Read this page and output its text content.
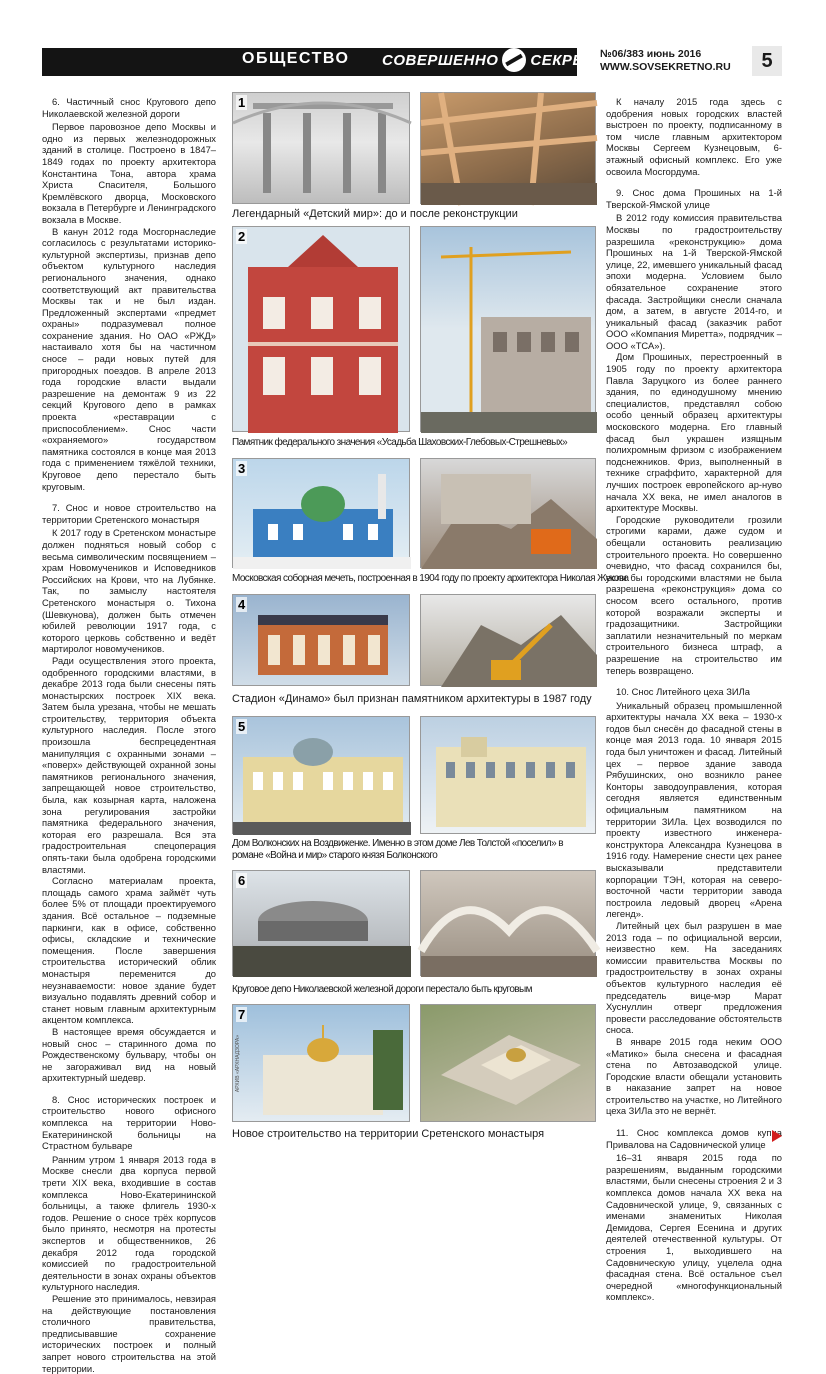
ОБЩЕСТВО СОВЕРШЕННО СЕКРЕТНО
№06/383 июнь 2016
WWW.SOVSEKRETNO.RU	5
6. Частичный снос Кругового депо Николаевской железной дороги
Первое паровозное депо Москвы и одно из первых железнодорожных зданий в столице. Построено в 1847–1849 годах по проекту архитектора Константина Тона, автора храма Христа Спасителя, Большого Кремлёвского дворца, Московского вокзала в Петербурге и Ленинградского вокзала в Москве.
В канун 2012 года Мосгорнаследие согласилось с результатами историко-культурной экспертизы, признав депо объектом культурного наследия регионального значения, однако соответствующий акт правительства Москвы так и не был издан. Предложенный экспертами «предмет охраны» подразумевал полное сохранение здания. Но ОАО «РЖД» настаивало хотя бы на частичном сносе – ради новых путей для пригородных поездов. В апреле 2013 года городские власти выдали разрешение на демонтаж 9 из 22 секций Кругового депо в рамках проекта «реставрации с приспособлением». Снос части «охраняемого» государством памятника состоялся в конце мая 2013 года с применением тяжёлой техники, Круговое депо перестало быть круговым.
7. Снос и новое строительство на территории Сретенского монастыря
К 2017 году в Сретенском монастыре должен подняться новый собор с весьма символическим посвящением – храм Новомучеников и Исповедников Российских на Крови, что на Лубянке. Так, по замыслу настоятеля Сретенского монастыря о. Тихона (Шевкунова), должен быть отмечен юбилей революции 1917 года, с которого церковь собственно и ведёт мартиролог новомучеников.
Ради осуществления этого проекта, одобренного городскими властями, в декабре 2013 года были снесены пять монастырских построек XIX века. Затем была урезана, чтобы не мешать строительству, территория объекта культурного наследия. После этого произошла беспрецедентная манипуляция с охранными зонами – «поверх» действующей охранной зоны памятников регионального значения, запрещающей новое строительство, была, как козырная карта, наложена зона регулирования застройки памятника федерального значения, которая его разрешала. Вся эта градостроительная спецоперация опять-таки была одобрена городскими властями.
Согласно материалам проекта, площадь самого храма займёт чуть более 5% от площади проектируемого здания. Всё остальное – подземные паркинги, как в офисе, собственно офисы, складские и технические помещения. После завершения строительства исторический облик монастыря переменится до неузнаваемости: новое здание будет визуально подавлять древний собор и станет новым главным архитектурным акцентом комплекса.
В настоящее время обсуждается и новый снос – старинного дома по Рождественскому бульвару, чтобы он не загораживал вид на новый архитектурный шедевр.
8. Снос исторических построек и строительство нового офисного комплекса на территории Ново-Екатерининской больницы на Страстном бульваре
Ранним утром 1 января 2013 года в Москве снесли два корпуса первой трети XIX века, входившие в состав комплекса Ново-Екатерининской больницы, а также флигель 1930-х годов. Решение о сносе трёх корпусов было принято, несмотря на протесты экспертов и общественников, 26 декабря 2012 года городской комиссией по градостроительной деятельности в зонах охраны объектов культурного наследия.
Решение это принималось, невзирая на действующие постановления столичного правительства, предписывавшие сохранение исторических построек и полный запрет нового строительства на этой территории.
К началу 2015 года здесь с одобрения новых городских властей выстроен по проекту, подписанному в том числе главным архитектором Москвы Сергеем Кузнецовым, 6-этажный офисный комплекс. Его уже освоила Мосгордума.
9. Снос дома Прошиных на 1-й Тверской-Ямской улице
В 2012 году комиссия правительства Москвы по градостроительству разрешила «реконструкцию» дома Прошиных на 1-й Тверской-Ямской улице, 22, имевшего уникальный фасад эпохи модерна. Условием было обязательное сохранение этого фасада. Застройщики снесли сначала дом, а затем, в августе 2014-го, и уникальный фасад (заказчик работ ООО «Компания Миретта», подрядчик – ООО «ТСА»).
Дом Прошиных, перестроенный в 1905 году по проекту архитектора Павла Заруцкого из более раннего здания, по единодушному мнению специалистов, представлял собою особо ценный образец архитектуры московского модерна. Его главный фасад был украшен изящным полихромным фризом с изображением подснежников. Фриз, выполненный в технике сграффито, характерной для лучших построек европейского ар-нуво начала XX века, не имел аналогов в архитектуре Москвы.
Городские руководители грозили строгими карами, даже судом и обещали остановить реализацию строительного проекта. Но совершенно очевидно, что фасад сохранился бы, если бы городскими властями не была разрешена «реконструкция» дома со сносом всего остального, против которой возражали эксперты и градозащитники. Застройщики заплатили незначительный по меркам строительного бизнеса штраф, а разрешение на строительство им теперь возвращено.
10. Снос Литейного цеха ЗИЛа
Уникальный образец промышленной архитектуры начала XX века – 1930-х годов был снесён до фасадной стены в конце мая 2013 года. 10 января 2015 года был уничтожен и фасад. Литейный цех – первое здание завода Рябушинских, оно возникло ранее Конторы заводоуправления, которая сегодня является единственным официальным памятником на территории ЗИЛа. Цех возводился по проекту известного инженера-конструктора Александра Кузнецова в 1916 году. Намерение снести цех ранее высказывали представители корпорации ТЭН, которая на северо-восточной части территории завода построила ледовый дворец «Арена легенд».
Литейный цех был разрушен в мае 2013 года – по официальной версии, неизвестно кем. На заседаниях комиссии правительства Москвы по градостроительству в зонах охраны объектов культурного наследия её председатель вице-мэр Марат Хуснуллин отверг предложения провести расследование обстоятельств сноса.
В январе 2015 года неким ООО «Матико» была снесена и фасадная стена по Автозаводской улице. Городские власти обещали установить в наказание запрет на новое строительство на участке, но Литейного цеха ЗИЛа это не вернёт.
11. Снос комплекса домов купца Привалова на Садовнической улице
16–31 января 2015 года по разрешениям, выданным городскими властями, были снесены строения 2 и 3 комплекса домов начала XX века на Садовнической улице, 9, связанных с именами знаменитых Николая Демидова, Сергея Есенина и других деятелей отечественной культуры. От строения 1, выходившего на Садовническую улицу, уцелела одна фасадная стена. Всё остальное съел очередной «многофункциональный комплекс».
1
Легендарный «Детский мир»: до и после реконструкции
2
Памятник федерального значения «Усадьба Шаховских-Глебовых-Стрешневых»
3
Московская соборная мечеть, построенная в 1904 году по проекту архитектора Николая Жукова
4
Стадион «Динамо» был признан памятником архитектуры в 1987 году
5
Дом Волконских на Воздвиженке. Именно в этом доме Лев Толстой «поселил» в романе «Война и мир» старого князя Болконского
6
Круговое депо Николаевской железной дороги перестало быть круговым
7
АРХИВ «АРХНАДЗОРА»
Новое строительство на территории Сретенского монастыря
